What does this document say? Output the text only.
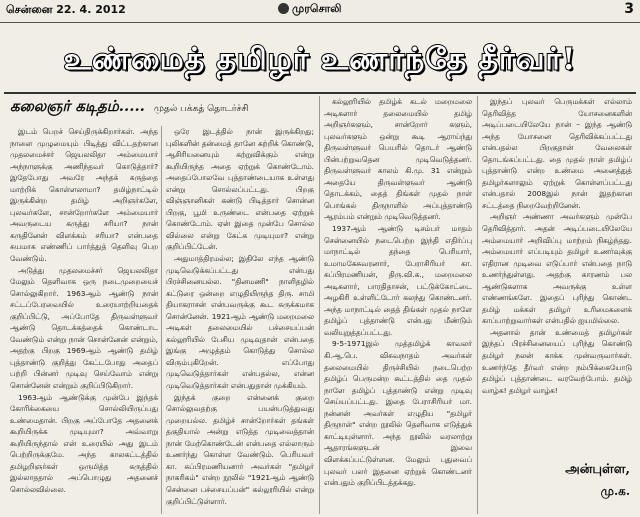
சென்னை 22. 4. 2012	முரசொலி	3
உண்மைத் தமிழர் உணர்ந்தே தீர்வர்!
கலைஞர் கடிதம்..... முதல் பக்கத் தொடர்ச்சி

இடம் பெறச் செய்திருக்கிறார்கள். அந்த நாளை முழுமையும் பிடித்து விட்டதற்கான முதலமைச்சர் ஜெயலலிதா அம்மையார் அந்நாளுக்கு அணிந்தவர் கொடுத்தார்? இதேபோது அவரே அந்தக் கருத்தை மாற்றிக் கொள்ளலாமா? தமிழ்நாட்டில் இருக்கின்ற தமிழ் அறிஞர்களே, புலவர்களே, சான்றோர்களே அம்மையார் அவருடைய கருத்து சரியா? நான் கருதினேன் விளக்கம் சரியா? என்பதை சுயமாக எண்ணிப் பார்த்துத் தெளிவு பெற வேண்டும்.

அடுத்து முதலமைச்சர் ஜெயலலிதா மேலும் தெளிவாக ஒரு நடைமுறையைச் சொல்லுகிறார். 1963ஆம் ஆண்டு நான் சட்டப்பேரவையில் உரையாற்றியதைக் குறிப்பிட்டு, அப்போதே திருவள்ளுவர் ஆண்டு தொடக்கத்தைக் கொண்டாட வேண்டும் என்று நான் சொன்னேன் என்றும், அதற்கு பிறகு 1969ஆம் ஆண்டு தமிழ் புத்தாண்டு குறித்து கேட்டபோது அதைப் பற்றி பின்னர் முடிவு செய்வோம் என்று சொன்னேன் என்றும் குறிப்பிடுகிறார்.

1963ஆம் ஆண்டுக்கு முன்பே இந்தக் கோரிக்கையை சொல்லியிருப்பது உண்மைதான். பிறகு அப்போதே அதனைக் கூறியிருக்க முடியுமா? அவ்வாறு கூறியிருந்தால் என் உரையில் அது இடம் பெற்றிருக்குமே. அந்த காலகட்டத்தில் தமிழறிஞர்கள் ஒருமித்த கருத்தில் இல்லாததால் அப்பொழுது அதனைச் சொல்லவில்லை.

ஒரே இடத்தில் நான் இருக்கிறது; புலிகளின் தன்மைத் தானே கற்றிக் கொண்டு, ஆசிரியனையும் கற்றுவிக்கும் என்று கூறியிருந்த அதை ஏற்றுக் கொண்டோம். அதைப்போலவே புத்தாண்டையாக உள்ளது என்று சொல்லப்பட்டது. பிறகு விஞ்ஞானிகள் கண்டு பிடித்தார் சொன்ன பிறகு, பூமி உருண்டை என்பதை ஏற்றுக் கொண்டோம். ஏன் இதை முன்பே சொல்ல வில்லை என்று கேட்க முடியுமா? என்று குறிப்பிட்டேன்.

அதுமாத்திரமல்ல; இதிலே எந்த ஆண்டு முடிவெடுக்கப்பட்டது என்பது பிரச்சினையல்ல. "தினமணி" நாளிதழில் கட்டுரை ஒன்றை எழுதியிருந்த திரு. சாமி தியாகராசன் என்பவருக்கு கூட சுருக்கமாக சொன்னேன். 1921ஆம் ஆண்டு மறைமலை அடிகள் தலைமையில் பச்சையப்பன் கல்லூரியில் பேசிய முடிவுதான் என்பதை இங்கு அழுத்தம் கொடுத்து சொல்ல விரும்புகிறேன். எப்போது முடிவெடுத்தார்கள் என்பதல்ல, என்ன முடிவெடுத்தார்கள் என்பதுதான் முக்கியம்.

இந்தக் குறை என்னைக் குறை சொல்லுவதற்கு பயன்படுத்துவது முறையல்ல. தமிழ்ச் சான்றோர்கள் தங்கள் தகுதியால் அன்று எடுத்த முடிவைத்தான் நான் மேற்கொண்டேன் என்பதை எல்லாரும் உணர்ந்து கொள்ள வேண்டும். பெரியவர் கா. சுப்பிரமணியனார் அவர்கள் "தமிழர் நாகரிகம்" என்ற நூலில் "1921ஆம் ஆண்டு சென்னை பச்சையப்பன்" கல்லூரியில் என்று குறிப்பிட்டுள்ளார்.

கல்லூரியில் தமிழ்க் கடல் மறைமலை அடிகளார் தலைமையில் தமிழ் அறிஞர்களும், சான்றோர் களும், புலவர்களும் ஒன்று கூடி ஆராய்ந்து திருவள்ளுவர் பெயரில் தொடர் ஆண்டு பின்பற்றுவதென முடிவெடுத்தனர். திருவள்ளுவர் காலம் கி.மு. 31 என்றும் அதையே திருவள்ளுவர் ஆண்டு தொடக்கம், தைத் திங்கள் முதல் நாள் பொங்கல் திருநாளில் அப்புத்தாண்டு ஆரம்பம் என்றும் முடிவெடுத்தனர்.

1937ஆம் ஆண்டு டிசம்பர் மாதம் சென்னையில் நடைபெற்ற இந்தி எதிர்ப்பு மாநாட்டில் தந்தை பெரியார், உமாமகேசுவரனார், பேராசிரியர் கா. சுப்பிரமணியன், திரு.வி.க., மறைமலை அடிகளார், பாரதிதாசன், பட்டுக்கோட்டை அழகிரி உள்ளிட்டோர் கலந்து கொண்டனர். அந்த மாநாட்டில் தைத் திங்கள் முதல் நாளே தமிழ்ப் புத்தாண்டு என்பது மீண்டும் வலியுறுத்தப்பட்டது.

9-5-1971இல் முத்தமிழ்க் காவலர் கி.ஆ.பெ. விசுவநாதம் அவர்கள் தலைமையில் திருச்சியில் நடைபெற்ற தமிழ்ப் பெருமன்ற கூட்டத்தில் தை முதல் நாளே தமிழ்ப் புத்தாண்டு என்று முடிவு செய்யப்பட்டது. இதை பேராசிரியர் மா. நன்னன் அவர்கள் எழுதிய "தமிழர் திருநாள்" என்ற நூலில் தெளிவாக எடுத்துக் காட்டியுள்ளார். அந்த நூலில் வரலாற்று ஆதாரங்களுடன் இவை விளக்கப்பட்டுள்ளன. மேலும் புதுவைப் புலவர் பலர் இதனை ஏற்றுக் கொண்டனர் என்பதும் குறிப்பிடத்தக்கது.

இந்தப் புலவர் பெருமக்கள் எல்லாம் தெரிவித்த யோசனைகளின் அடிப்படையிலேயே நான் – இந்த ஆண்டு அந்த யோசனை தெரிவிக்கப்பட்டது என்பதல்ல பிறகுதான் வேலைகள் தொடங்கப்பட்டது. தை முதல் நாள் தமிழ்ப் புத்தாண்டு என்ற உண்மை அனைத்துத் தமிழர்களாலும் ஏற்றுக் கொள்ளப்பட்டது என்பதால் 2008இல் நான் இதற்கான சட்டத்தை நிறைவேற்றினேன்.

அறிஞர் அண்ணா அவர்களும் முன்பே தெரிவித்தார். அதன் அடிப்படையிலேயே அம்மையார் அறிவிப்பு மாற்றம் நிகழ்ந்தது. அம்மையார் எப்படியும் தமிழர் உணர்வுக்கு எதிரான முடிவை எடுப்பார் என்பதை நாடு உணர்ந்துள்ளது. அதற்கு காரணம் பல ஆண்டுகளாக அவருக்கு உள்ள எண்ணங்களே. இதைப் புரிந்து கொண்ட தமிழ் மக்கள் தமிழர் உரிமைகளைக் காப்பாற்றுவார்கள் என்பதில் ஐயமில்லை.

அதனால் தான் உண்மைத் தமிழர்கள் இந்தப் பிரச்சினையைப் புரிந்து கொண்டு தமிழர் நலன் காக்க முன்வருவார்கள். உணர்ந்தே தீர்வர் என்ற நம்பிக்கையோடு தமிழ்ப் புத்தாண்டை வரவேற்போம். தமிழ் வாழ்க! தமிழர் வாழ்க!

அன்புள்ள,
மு.க.
